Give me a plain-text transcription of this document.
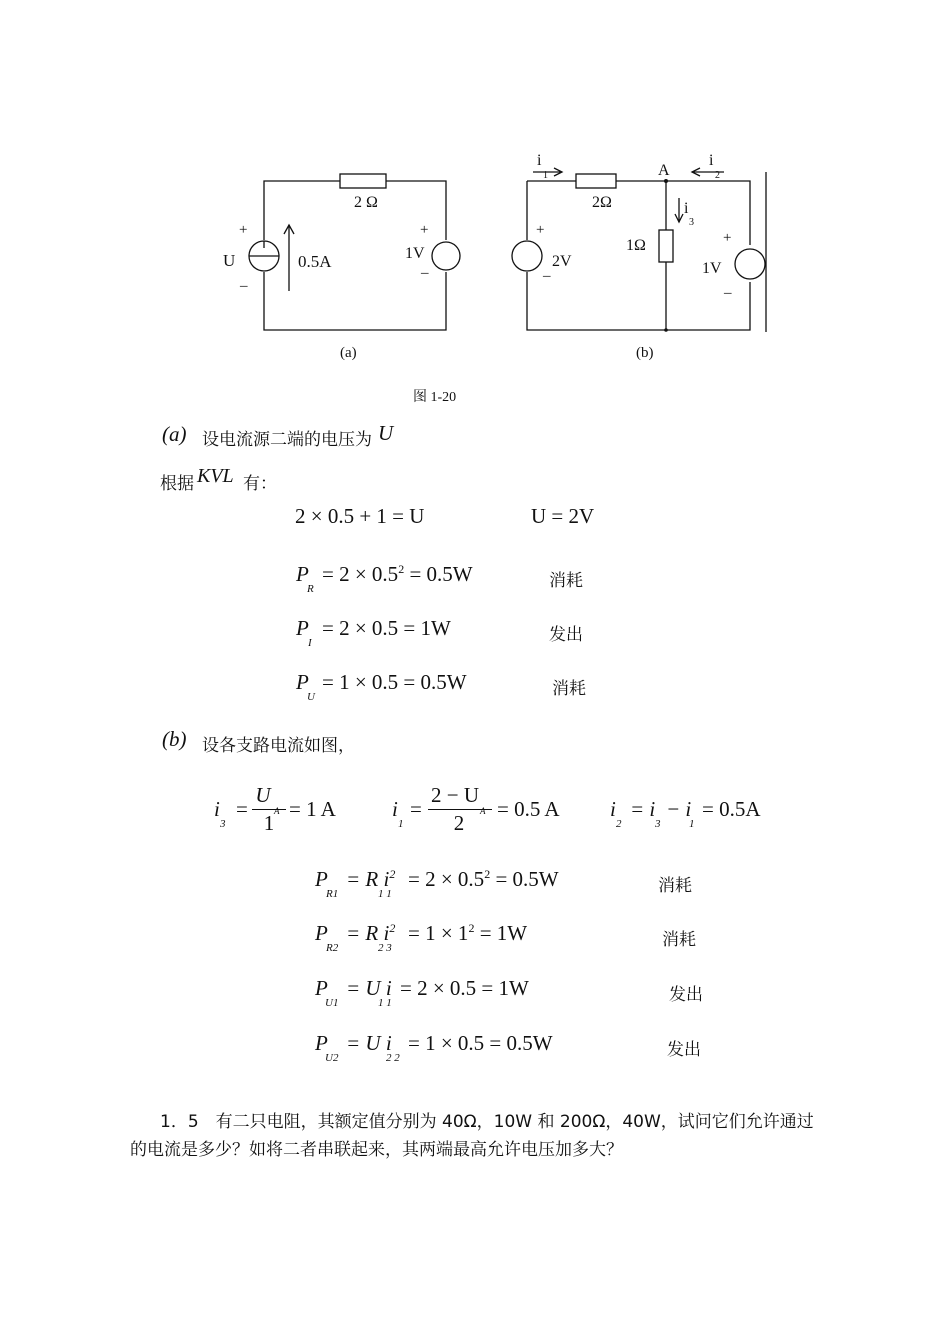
2 Ω
+
–
U	0.5A
+
1V
–
(a)
i
1	A
i
2
i
3
2Ω
1Ω
+
2V
–
+
1V
–
(b)
图 1-20
(a) 设电流源二端的电压为 U
根据 KVL 有：
2 × 0.5 + 1 = U	U = 2V
P
R
= $2 \times 0.5^2 = 0.5W$	消耗
P
I
= 2 × 0.5 = 1W	发出
P
U
= 1 × 0.5 = 0.5W	消耗
(b) 设各支路电流如图，
i
3
=
U
1 A = 1 A	i
1
=
2 − U
2	A = 0.5 A i
2
= i
3
− i
1
= 0.5A
P
R1
= R $i^2$
1 1
= $2 \times 0.5^2 = 0.5W$	消耗
P
R2
= R $i^2$
2 3
= $1 \times 1^2 = 1W$	消耗
P
U1
= U i
1 1
= 2 × 0.5 = 1W	发出
P
U2
= U i
2 2
= 1 × 0.5 = 0.5W	发出
1．5　有二只电阻，其额定值分别为 40Ω，10W 和 200Ω，40W，试问它们允许通过
的电流是多少？如将二者串联起来，其两端最高允许电压加多大？
